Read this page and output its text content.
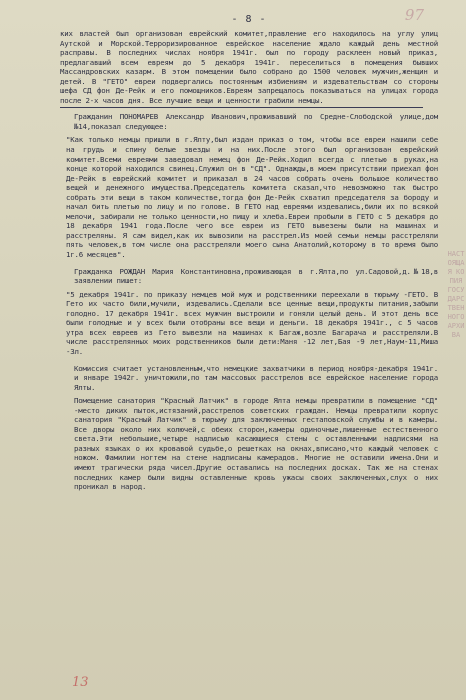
97
- 8 -

ких властей был организован еврейский комитет,правление его находилось на углу улиц Аутской и Морской.Терроризированное еврейское население ждало каждый день местной расправы. В последних числах ноября 1941г. был по городу расклеен новый приказ, предлагавший всем евреям до 5 декабря 1941г. переселиться в помещения бывших Массандровских казарм. В этом помещении было собрано до 1500 человек мужчин,женщин и детей. В "ГЕТО" евреи подвергались постоянным избиениям и издевательствам со стороны шефа СД фон Де-Рейк и его помощников.Евреям запрещалось показываться на улицах города после 2-х часов дня. Все лучшие вещи и ценности грабили немцы.

Гражданин ПОНОМАРЕВ Александр Иванович,проживавший по Средне-Слободской улице,дом №14,показал следующее:

"Как только немцы пришли в г.Ялту,был издан приказ о том, чтобы все евреи нашили себе на грудь и спину белые звезды и на них.После этого был организован еврейский комитет.Всеми евреями заведовал немец фон Де-Рейк.Ходил всегда с плетью в руках,на конце которой находился свинец.Служил он в "СД". Однажды,в моем присутствии приехал фон Де-Рейк в еврейский комитет и приказал в 24 часов собрать очень большое количество вещей и денежного имущества.Председатель комитета сказал,что невозможно так быстро собрать эти вещи в таком количестве,тогда фон Де-Рейк схватил председателя за бороду и начал бить плетью по лицу и по голове. В ГЕТО над евреями издевались,били их по всякой мелочи, забирали не только ценности,но пищу и хлеба.Евреи пробыли в ГЕТО с 5 декабря до 18 декабря 1941 года.После чего все евреи из ГЕТО вывезены были на машинах и расстреляны. Я сам видел,как их вывозили на расстрел.Из моей семьи немцы расстреляли пять человек,в том числе она расстреляли моего сына Анатолий,которому в то время было 1г.6 месяцев".

Гражданка РОЖДАН Мария Константиновна,проживающая в г.Ялта,по ул.Садовой,д.№18,в заявлении пишет:

"5 декабря 1941г. по приказу немцев мой муж и родственники переехали в тюрьму -ГЕТО. В Гето их часто били,мучили, издевались.Сделали все ценные вещи,продукты питания,забыли голодно. 17 декабря 1941г. всех мужчин выстроили и гоняли целый день. И этот день все были голодные и у всех были отобраны все вещи и деньги. 18 декабря 1941г., с 5 часов утра всех евреев из Гето вывезли на машинах к Багаж,возле Багарача и расстреляли.В числе расстрелянных моих родственников были дети:Маня -12 лет,Бая -9 лет,Наум-11,Миша -3л.

Комиссия считает установленным,что немецкие захватчики в период ноября-декабря 1941г. и январе 1942г. уничтожили,по там массовых расстрелов все еврейское население города Ялты.

Помещение санатория "Красный Латчик" в городе Ялта немцы превратили в помещение "СД" -место диких пыток,истязаний,расстрелов советских граждан. Немцы превратили корпус санатория "Красный Латчик" в тюрьму для заключенных гестаповской службы и в камеры. Все дворы около них колючей,с обеих сторон,камеры одиночные,лишенные естественного света.Эти небольшие,четыре надписью касающиеся стены с оставленными надписями на разных языках о их кровавой судьбе,о решетках на окнах,вписано,что каждый человек с ножом. Фамилии ногтем на стене надписаны камерадов. Многие не оставили имена.Они и имеют трагически ряда чисел.Другие оставались на последних досках. Так же на стенах последних камер были видны оставленные кровь ужасы своих заключенных,слух о них проникал в народ.

НАСТОЯЩАЯ КОПИЯ ГОСУДАРСТВЕННОГО АРХИВА
13
